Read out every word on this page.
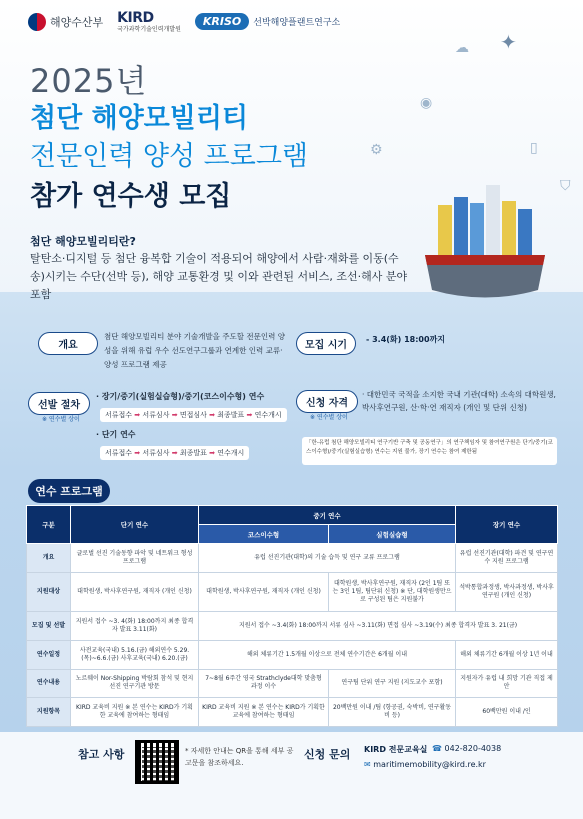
해양수산부 KIRD
국가과학기술인력개발원
KRISO	선박해양플랜트연구소
☁ ✦
◉
⚙	▯
⛉
2025년
첨단 해양모빌리티
전문인력 양성 프로그램
참가 연수생 모집
첨단 해양모빌리티란?
탈탄소·디지털 등 첨단 융복합 기술이 적용되어 해양에서 사람·재화를 이동(수송)시키는 수단(선박 등), 해양 교통환경 및 이와 관련된 서비스, 조선·해사 분야 포함
개요
첨단 해양모빌리티 분야 기술개발을 주도할 전문인력 양성을 위해 유럽 우수 선도연구그룹과 연계한 인력 교류·양성 프로그램 제공
모집 시기
- 3.4(화) 18:00까지
선발 절차
※ 연수별 상이
· 장기/중기(실험실습형)/중기(코스이수형) 연수
서류접수 ➡ 서류심사 ➡ 면접심사 ➡ 최종발표 ➡ 연수개시
· 단기 연수
서류접수 ➡ 서류심사 ➡ 최종발표 ➡ 연수개시
신청 자격
※ 연수별 상이
· 대한민국 국적을 소지한 국내 기관(대학) 소속의 대학원생, 박사후연구원, 산·학·연 재직자 (개인 및 단위 신청)
「한-유럽 첨단 해양모빌리티 연구기반 구축 및 공동연구」의 연구책임자 및 참여연구원은 단기/중기(코스이수형)/중기(실험실습형) 연수는 지원 불가, 장기 연수는 참여 제한됨
연수 프로그램
구분	단기 연수	중기 연수		장기 연수
		코스이수형	실험실습형	
개요	글로벌 선진 기술동향 파악 및 네트워크 형성 프로그램	유럽 선진기관(대학)의 기술 습득 및 연구 교류 프로그램		유럽 선진기관(대학) 파견 및 연구연수 지원 프로그램
지원대상	대학원생, 박사후연구원, 재직자 (개인 신청)	대학원생, 박사후연구원, 재직자 (개인 신청)	대학원생, 박사후연구원, 재직자 (2인 1팀 또는 3인 1팀, 팀단위 신청) ※ 단, 대학원생만으로 구성된 팀은 지원불가	석박통합과정생, 박사과정생, 박사후연구원 (개인 신청)
모집 및 선발	지원서 접수 ~3. 4(화) 18:00까지 최종 합격자 발표 3.11(화)	지원서 접수 ~3.4(화) 18:00까지 서류 심사 ~3.11(화) 면접 심사 ~3.19(수) 최종 합격자 발표 3. 21(금)		
연수일정	사전교육(국내) 5.16.(금) 해외연수 5.29.(목)~6.6.(금) 사후교육(국내) 6.20.(금)	해외 체류기간 1.5개월 이상으로 전체 연수기간은 6개월 이내		해외 체류기간 6개월 이상 1년 이내
연수내용	노르웨이 Nor-Shipping 박람회 참석 및 현지 선진 연구기관 방문	7~8월 6주간 영국 Strathclyde대학 맞춤형 과정 이수	연구팀 단위 연구 지원 (지도교수 포함)	지원자가 유럽 내 희망 기관 직접 제안
지원항목	KIRD 교육비 지원 ※ 본 연수는 KIRD가 기획한 교육에 참여하는 형태임	KIRD 교육비 지원 ※ 본 연수는 KIRD가 기획한 교육에 참여하는 형태임	20백만원 이내 /팀 (항공권, 숙박비, 연구활동비 등)	60백만원 이내 /인
참고 사항	* 자세한 안내는 QR을 통해 세부 공고문을 참조하세요.
신청 문의 KIRD 전문교육실 ☎ 042-820-4038
✉ maritimemobility@kird.re.kr
